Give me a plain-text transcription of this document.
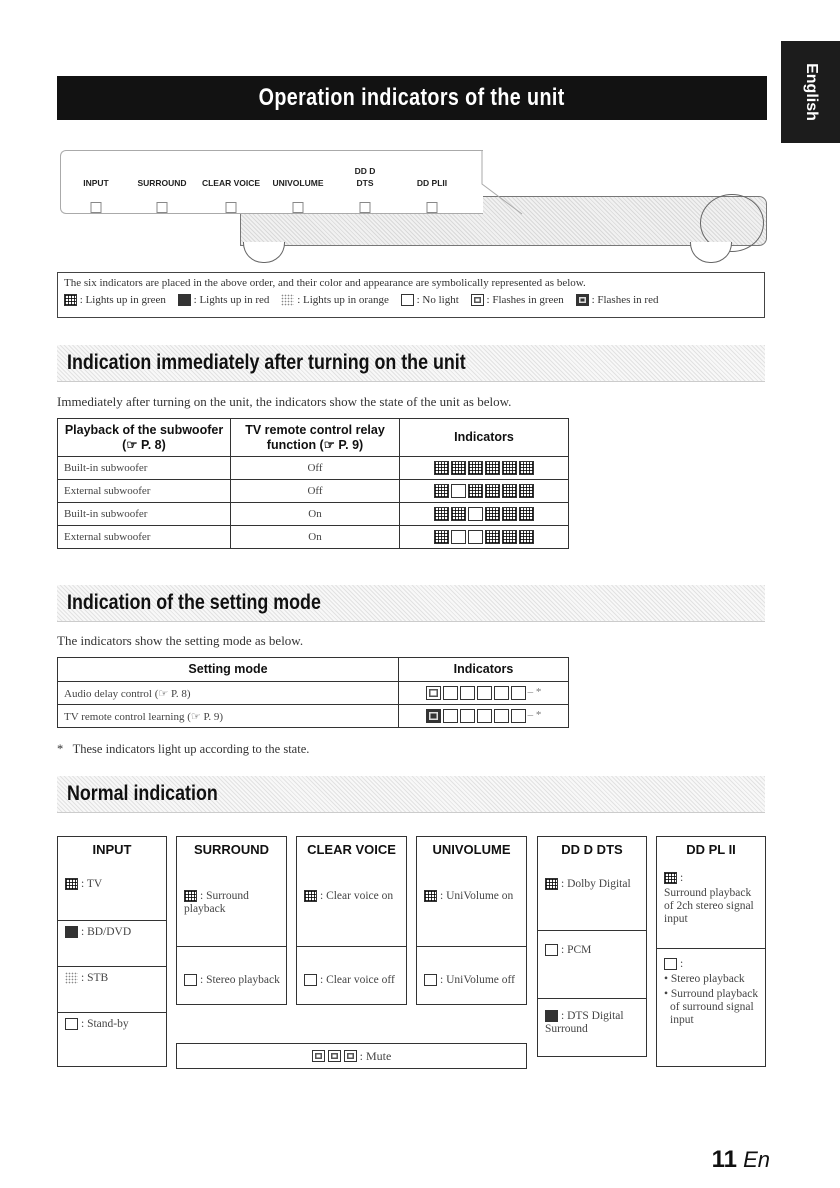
English
Operation indicators of the unit
INPUT	SURROUND CLEAR VOICE UNIVOLUME
DD D
DTS	DD PLII
The six indicators are placed in the above order, and their color and appearance are symbolically represented as below.
: Lights up in green	: Lights up in red	: Lights up in orange	: No light	: Flashes in green	: Flashes in red
Indication immediately after turning on the unit
Immediately after turning on the unit, the indicators show the state of the unit as below.
Playback of the subwoofer (☞ P. 8)	TV remote control relay function (☞ P. 9)	Indicators
Built-in subwoofer	Off	

External subwoofer	Off	

Built-in subwoofer	On	

External subwoofer	On	
Indication of the setting mode
The indicators show the setting mode as below.
Setting mode	Indicators
Audio delay control (☞ P. 8)	– *

TV remote control learning (☞ P. 9)	– *
* These indicators light up according to the state.
Normal indication
INPUT
: TV
: BD/DVD
: STB
: Stand-by
SURROUND
: Surround playback
: Stereo playback
CLEAR VOICE
: Clear voice on
: Clear voice off
UNIVOLUME
: UniVolume on
: UniVolume off
DD D DTS
: Dolby Digital
: PCM
: DTS Digital Surround
DD PL II
:
Surround playback of 2ch stereo signal input
:
• Stereo playback
• Surround playback of surround signal input
: Mute
11 En
